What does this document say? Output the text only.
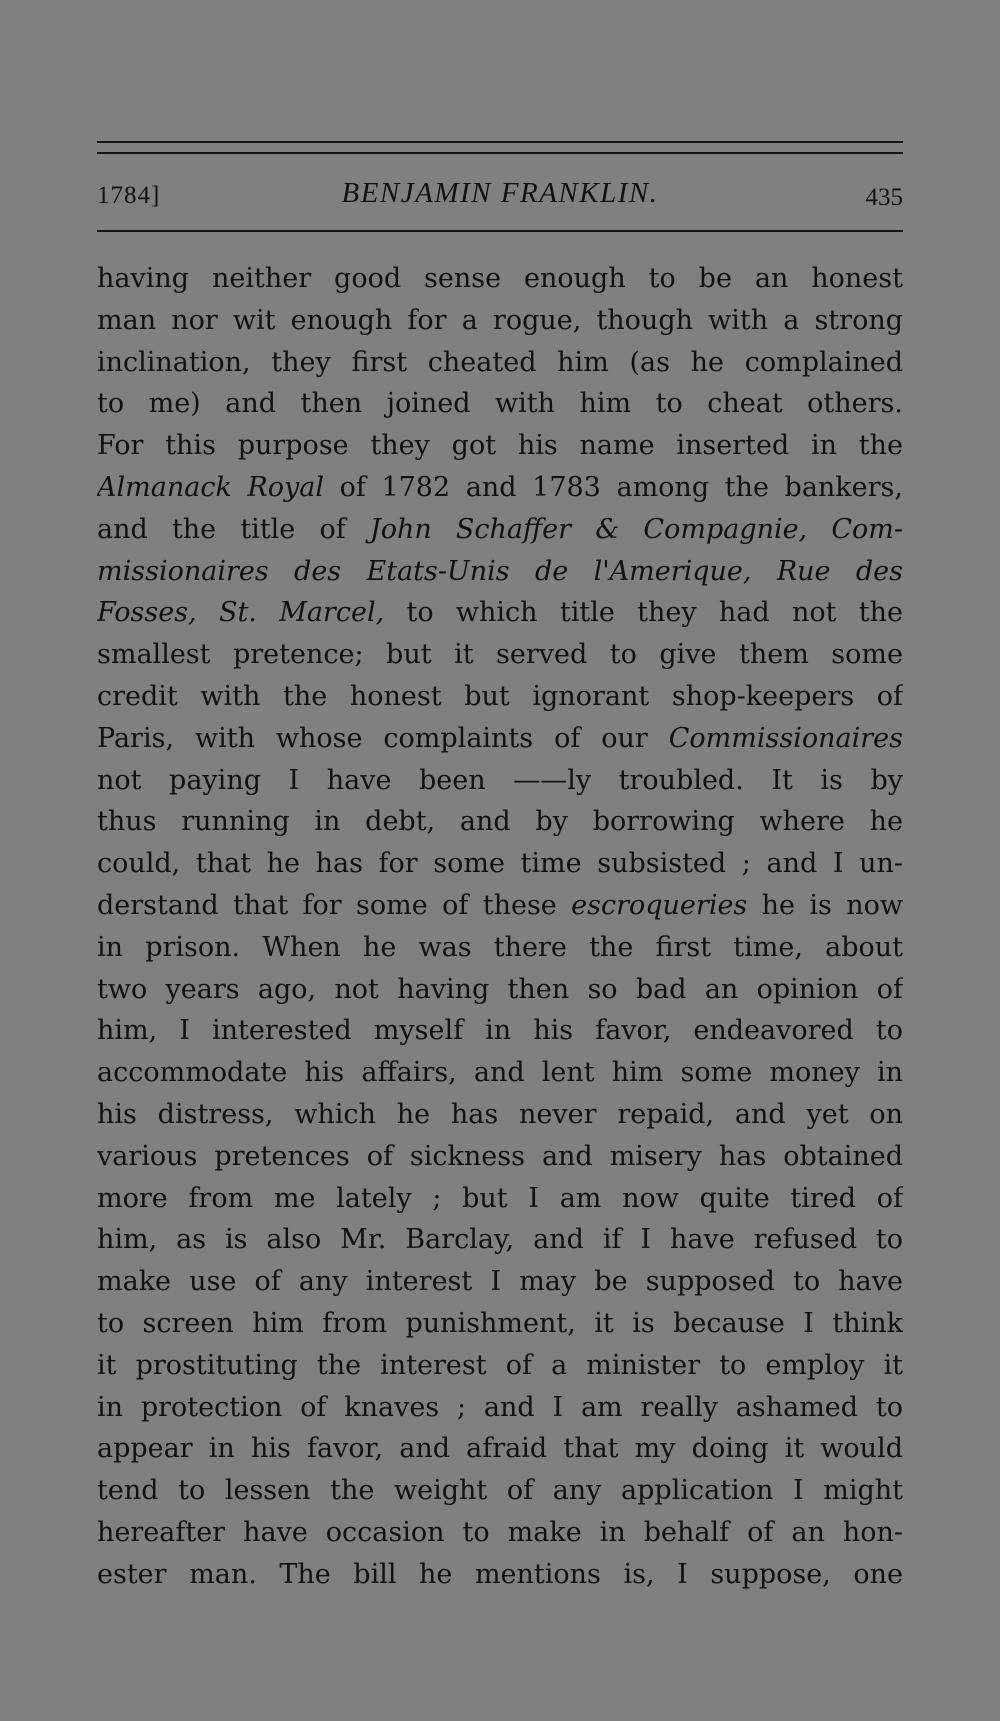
1784]	BENJAMIN FRANKLIN.	435
having neither good sense enough to be an honest
man nor wit enough for a rogue, though with a strong
inclination, they first cheated him (as he complained
to me) and then joined with him to cheat others.
For this purpose they got his name inserted in the
Almanack Royal of 1782 and 1783 among the bankers,
and the title of John Schaffer & Compagnie, Com-
missionaires des Etats-Unis de l'Amerique, Rue des
Fosses, St. Marcel, to which title they had not the
smallest pretence; but it served to give them some
credit with the honest but ignorant shop-keepers of
Paris, with whose complaints of our Commissionaires
not paying I have been ——ly troubled. It is by
thus running in debt, and by borrowing where he
could, that he has for some time subsisted ; and I un-
derstand that for some of these escroqueries he is now
in prison. When he was there the first time, about
two years ago, not having then so bad an opinion of
him, I interested myself in his favor, endeavored to
accommodate his affairs, and lent him some money in
his distress, which he has never repaid, and yet on
various pretences of sickness and misery has obtained
more from me lately ; but I am now quite tired of
him, as is also Mr. Barclay, and if I have refused to
make use of any interest I may be supposed to have
to screen him from punishment, it is because I think
it prostituting the interest of a minister to employ it
in protection of knaves ; and I am really ashamed to
appear in his favor, and afraid that my doing it would
tend to lessen the weight of any application I might
hereafter have occasion to make in behalf of an hon-
ester man. The bill he mentions is, I suppose, one
